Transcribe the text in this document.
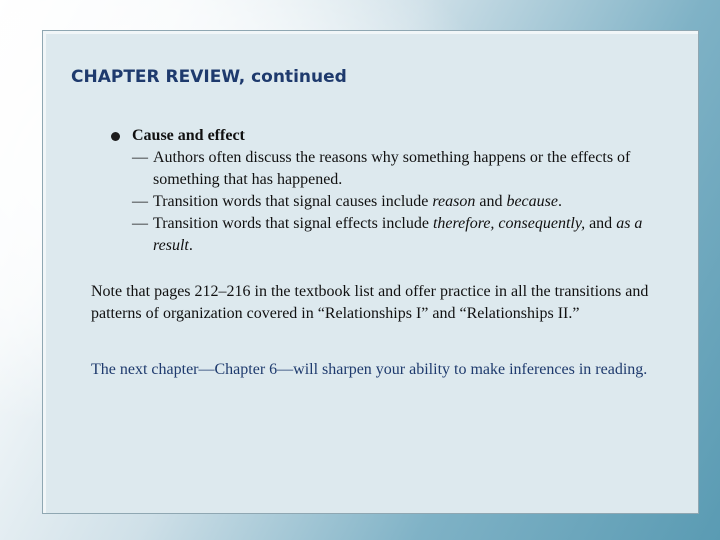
CHAPTER REVIEW, continued
Cause and effect
— Authors often discuss the reasons why something happens or the effects of something that has happened.
— Transition words that signal causes include reason and because.
— Transition words that signal effects include therefore, consequently, and as a result.

Note that pages 212–216 in the textbook list and offer practice in all the transitions and patterns of organization covered in “Relationships I” and “Relationships II.”

The next chapter—Chapter 6—will sharpen your ability to make inferences in reading.
